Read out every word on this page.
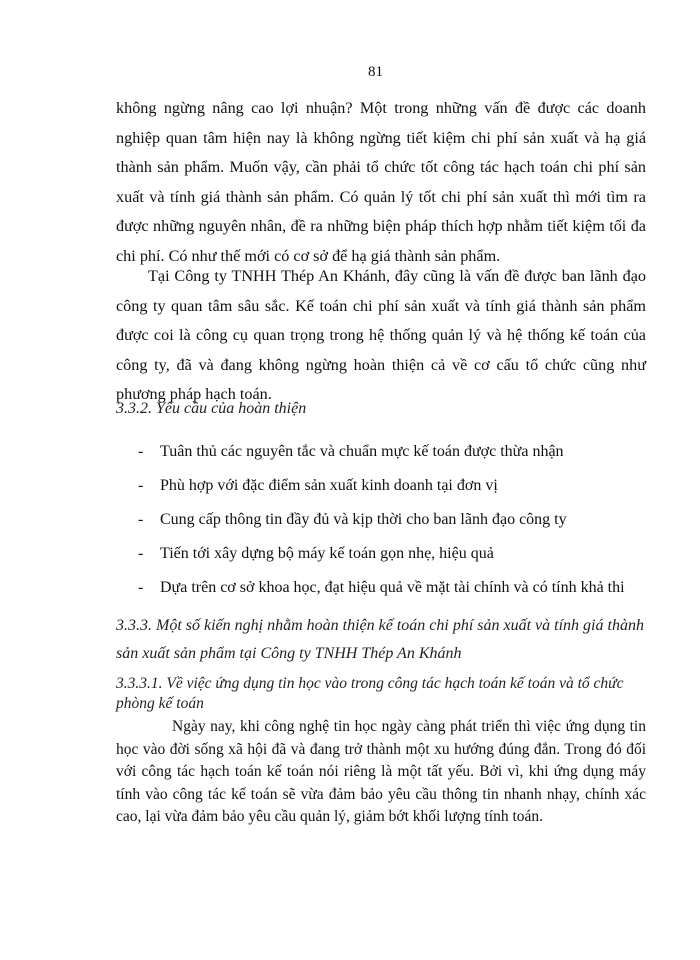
81
không ngừng nâng cao lợi nhuận? Một trong những vấn đề được các doanh nghiệp quan tâm hiện nay là không ngừng tiết kiệm chi phí sản xuất và hạ giá thành sản phẩm. Muốn vậy, cần phải tổ chức tốt công tác hạch toán chi phí sản xuất và tính giá thành sản phẩm. Có quản lý tốt chi phí sản xuất thì mới tìm ra được những nguyên nhân, đề ra những biện pháp thích hợp nhằm tiết kiệm tối đa chi phí. Có như thế mới có cơ sở để hạ giá thành sản phẩm.
Tại Công ty TNHH Thép An Khánh, đây cũng là vấn đề được ban lãnh đạo công ty quan tâm sâu sắc. Kế toán chi phí sản xuất và tính giá thành sản phẩm được coi là công cụ quan trọng trong hệ thống quản lý và hệ thống kế toán của công ty, đã và đang không ngừng hoàn thiện cả về cơ cấu tổ chức cũng như phương pháp hạch toán.
3.3.2. Yêu cầu của hoàn thiện
- Tuân thủ các nguyên tắc và chuẩn mực kế toán được thừa nhận
- Phù hợp với đặc điểm sản xuất kinh doanh tại đơn vị
- Cung cấp thông tin đầy đủ và kịp thời cho ban lãnh đạo công ty
- Tiến tới xây dựng bộ máy kế toán gọn nhẹ, hiệu quả
- Dựa trên cơ sở khoa học, đạt hiệu quả về mặt tài chính và có tính khả thi
3.3.3. Một số kiến nghị nhằm hoàn thiện kế toán chi phí sản xuất và tính giá thành sản xuất sản phẩm tại Công ty TNHH Thép An Khánh
3.3.3.1. Về việc ứng dụng tin học vào trong công tác hạch toán kế toán và tổ chức phòng kế toán
Ngày nay, khi công nghệ tin học ngày càng phát triển thì việc ứng dụng tin học vào đời sống xã hội đã và đang trở thành một xu hướng đúng đắn. Trong đó đối với công tác hạch toán kế toán nói riêng là một tất yếu. Bởi vì, khi ứng dụng máy tính vào công tác kế toán sẽ vừa đảm bảo yêu cầu thông tin nhanh nhạy, chính xác cao, lại vừa đảm bảo yêu cầu quản lý, giảm bớt khối lượng tính toán.
